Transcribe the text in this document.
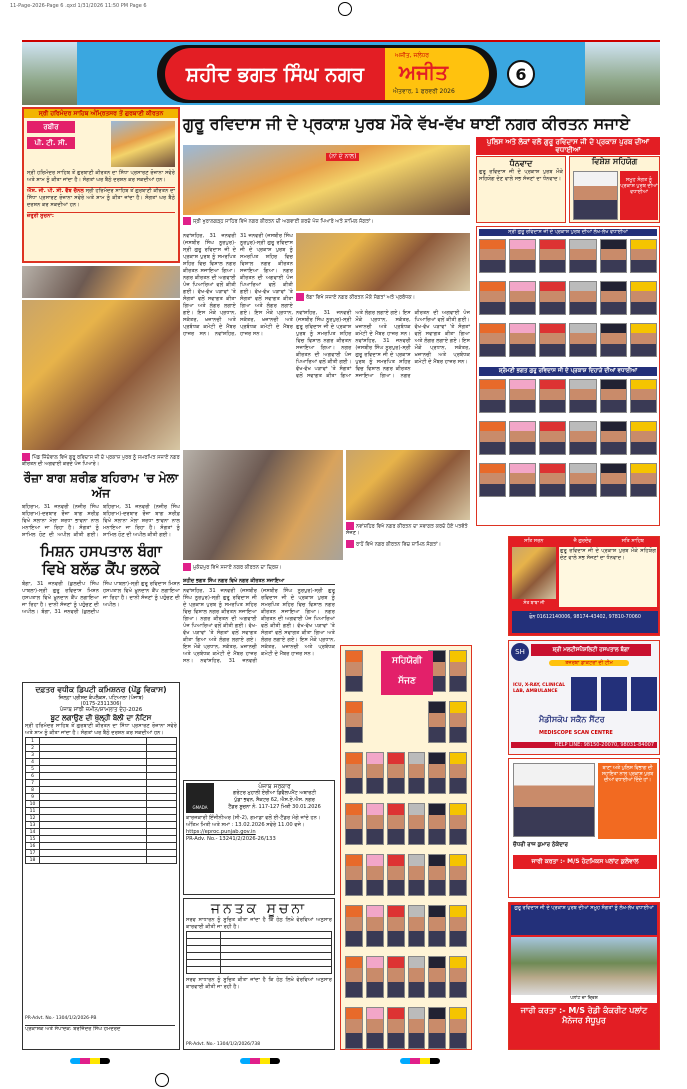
11-Page-2026-Page 6 .qxd 1/31/2026 11:50 PM Page 6
ਸ਼ਹੀਦ ਭਗਤ ਸਿੰਘ ਨਗਰ
ਅਜੀਤ, ਜਲੰਧਰ
ਅਜੀਤ
ਐਤਵਾਰ, 1 ਫਰਵਰੀ 2026
6
ਗੁਰੂ ਰਵਿਦਾਸ ਜੀ ਦੇ ਪ੍ਰਕਾਸ਼ ਪੁਰਬ ਮੌਕੇ ਵੱਖ-ਵੱਖ ਥਾਈਂ ਨਗਰ ਕੀਰਤਨ ਸਜਾਏ
ਸ੍ਰੀ ਹਰਿਮੰਦਰ ਸਾਹਿਬ ਅੰਮ੍ਰਿਤਸਰ ਤੋਂ ਗੁਰਬਾਣੀ ਕੀਰਤਨ
ਰਬੀਰ
ਪੀ. ਟੀ. ਸੀ.
ਸ੍ਰੀ ਹਰਿਮੰਦਰ ਸਾਹਿਬ ਤੋਂ ਗੁਰਬਾਣੀ ਕੀਰਤਨ ਦਾ ਸਿੱਧਾ ਪ੍ਰਸਾਰਣ ਰੋਜ਼ਾਨਾ ਸਵੇਰੇ ਅਤੇ ਸ਼ਾਮ ਨੂੰ ਕੀਤਾ ਜਾਂਦਾ ਹੈ। ਸੰਗਤਾਂ ਘਰ ਬੈਠੇ ਦਰਸ਼ਨ ਕਰ ਸਕਦੀਆਂ ਹਨ।
ਐਸ. ਜੀ. ਪੀ. ਸੀ. ਵੈੱਬ ਚੈਨਲ ਸ੍ਰੀ ਹਰਿਮੰਦਰ ਸਾਹਿਬ ਤੋਂ ਗੁਰਬਾਣੀ ਕੀਰਤਨ ਦਾ ਸਿੱਧਾ ਪ੍ਰਸਾਰਣ ਰੋਜ਼ਾਨਾ ਸਵੇਰੇ ਅਤੇ ਸ਼ਾਮ ਨੂੰ ਕੀਤਾ ਜਾਂਦਾ ਹੈ। ਸੰਗਤਾਂ ਘਰ ਬੈਠੇ ਦਰਸ਼ਨ ਕਰ ਸਕਦੀਆਂ ਹਨ।
ਜ਼ਰੂਰੀ ਸੂਚਨਾ:
ਪਿੰਡ ਜਿੰਦੋਵਾਲ ਵਿਖੇ ਗੁਰੂ ਰਵਿਦਾਸ ਜੀ ਦੇ ਪ੍ਰਕਾਸ਼ ਪੁਰਬ ਨੂੰ ਸਮਰਪਿਤ ਸਜਾਏ ਨਗਰ ਕੀਰਤਨ ਦੀ ਅਗਵਾਈ ਕਰਦੇ ਪੰਜ ਪਿਆਰੇ।
ਰੌਜ਼ਾ ਬਾਗ ਸ਼ਰੀਫ਼ ਬਹਿਰਾਮ 'ਚ ਮੇਲਾ ਅੱਜ
ਬਹਿਰਾਮ, 31 ਜਨਵਰੀ (ਨਜ਼ੀਰ ਸਿੰਘ ਬਹਿਰਾਮ)-ਦਰਬਾਰ ਰੌਜ਼ਾ ਬਾਗ ਸ਼ਰੀਫ਼ ਵਿਖੇ ਸਲਾਨਾ ਮੇਲਾ ਸ਼ਰਧਾ ਭਾਵਨਾ ਨਾਲ ਮਨਾਇਆ ਜਾ ਰਿਹਾ ਹੈ। ਸੰਗਤਾਂ ਨੂੰ ਸ਼ਾਮਿਲ ਹੋਣ ਦੀ ਅਪੀਲ ਕੀਤੀ ਗਈ। ਬਹਿਰਾਮ, 31 ਜਨਵਰੀ (ਨਜ਼ੀਰ ਸਿੰਘ ਬਹਿਰਾਮ)-ਦਰਬਾਰ ਰੌਜ਼ਾ ਬਾਗ ਸ਼ਰੀਫ਼ ਵਿਖੇ ਸਲਾਨਾ ਮੇਲਾ ਸ਼ਰਧਾ ਭਾਵਨਾ ਨਾਲ ਮਨਾਇਆ ਜਾ ਰਿਹਾ ਹੈ। ਸੰਗਤਾਂ ਨੂੰ ਸ਼ਾਮਿਲ ਹੋਣ ਦੀ ਅਪੀਲ ਕੀਤੀ ਗਈ।
ਮਿਸ਼ਨ ਹਸਪਤਾਲ ਬੰਗਾ
ਵਿਖੇ ਬਲੱਡ ਕੈਂਪ ਭਲਕੇ
ਬੰਗਾ, 31 ਜਨਵਰੀ (ਕੁਲਦੀਪ ਸਿੰਘ ਪਾਬਲਾ)-ਸ੍ਰੀ ਗੁਰੂ ਰਵਿਦਾਸ ਮਿਸ਼ਨ ਹਸਪਤਾਲ ਵਿਖੇ ਖ਼ੂਨਦਾਨ ਕੈਂਪ ਲਗਾਇਆ ਜਾ ਰਿਹਾ ਹੈ। ਦਾਨੀ ਸੱਜਣਾਂ ਨੂੰ ਪਹੁੰਚਣ ਦੀ ਅਪੀਲ। ਬੰਗਾ, 31 ਜਨਵਰੀ (ਕੁਲਦੀਪ ਸਿੰਘ ਪਾਬਲਾ)-ਸ੍ਰੀ ਗੁਰੂ ਰਵਿਦਾਸ ਮਿਸ਼ਨ ਹਸਪਤਾਲ ਵਿਖੇ ਖ਼ੂਨਦਾਨ ਕੈਂਪ ਲਗਾਇਆ ਜਾ ਰਿਹਾ ਹੈ। ਦਾਨੀ ਸੱਜਣਾਂ ਨੂੰ ਪਹੁੰਚਣ ਦੀ ਅਪੀਲ।
ਦਫ਼ਤਰ ਵਧੀਕ ਡਿਪਟੀ ਕਮਿਸ਼ਨਰ (ਪੇਂਡੂ ਵਿਕਾਸ)
ਜ਼ਿਲ੍ਹਾ ਪ੍ਰੀਸ਼ਦ ਕੰਪਲੈਕਸ, ਪਟਿਆਲਾ (ਪੰਜਾਬ)
(0175-2311306)
ਪੰਜਾਬ ਸਾਂਝੀ ਜ਼ਮੀਨ/ਸ਼ਾਮਲਾਤ ਦੇਹ-2026
ਬੂਟ ਲਗਾਉਣ ਦੀ ਖੁੱਲ੍ਹੀ ਬੋਲੀ ਦਾ ਨੋਟਿਸ
ਸ੍ਰੀ ਹਰਿਮੰਦਰ ਸਾਹਿਬ ਤੋਂ ਗੁਰਬਾਣੀ ਕੀਰਤਨ ਦਾ ਸਿੱਧਾ ਪ੍ਰਸਾਰਣ ਰੋਜ਼ਾਨਾ ਸਵੇਰੇ ਅਤੇ ਸ਼ਾਮ ਨੂੰ ਕੀਤਾ ਜਾਂਦਾ ਹੈ। ਸੰਗਤਾਂ ਘਰ ਬੈਠੇ ਦਰਸ਼ਨ ਕਰ ਸਕਦੀਆਂ ਹਨ।
1		
2		
3		
4		
5		
6		
7		
8		
9		
10		
11		
12		
13		
14		
15		
16		
17		
18		
PR-Advt. No.- 1304/1/2/2026-PB
ਪ੍ਰਕਾਸ਼ਕ ਅਤੇ ਸੰਪਾਦਕ: ਬਰਜਿੰਦਰ ਸਿੰਘ ਹਮਦਰਦ
(ਨਾਂ ਦੇ ਨਾਲ)
ਸ੍ਰੀ ਖੁਰਾਲਗੜ੍ਹ ਸਾਹਿਬ ਵਿਖੇ ਨਗਰ ਕੀਰਤਨ ਦੀ ਅਗਵਾਈ ਕਰਦੇ ਪੰਜ ਪਿਆਰੇ ਅਤੇ ਸ਼ਾਮਿਲ ਸੰਗਤਾਂ।
ਨਵਾਂਸ਼ਹਿਰ, 31 ਜਨਵਰੀ (ਜਸਬੀਰ ਸਿੰਘ ਨੂਰਪੁਰ)-ਸ੍ਰੀ ਗੁਰੂ ਰਵਿਦਾਸ ਜੀ ਦੇ ਪ੍ਰਕਾਸ਼ ਪੁਰਬ ਨੂੰ ਸਮਰਪਿਤ ਸ਼ਹਿਰ ਵਿਚ ਵਿਸ਼ਾਲ ਨਗਰ ਕੀਰਤਨ ਸਜਾਇਆ ਗਿਆ। ਨਗਰ ਕੀਰਤਨ ਦੀ ਅਗਵਾਈ ਪੰਜ ਪਿਆਰਿਆਂ ਵਲੋਂ ਕੀਤੀ ਗਈ। ਵੱਖ-ਵੱਖ ਪੜਾਵਾਂ 'ਤੇ ਸੰਗਤਾਂ ਵਲੋਂ ਸਵਾਗਤ ਕੀਤਾ ਗਿਆ ਅਤੇ ਲੰਗਰ ਲਗਾਏ ਗਏ। ਇਸ ਮੌਕੇ ਪ੍ਰਧਾਨ, ਸਕੱਤਰ, ਖ਼ਜ਼ਾਨਚੀ ਅਤੇ ਪ੍ਰਬੰਧਕ ਕਮੇਟੀ ਦੇ ਮੈਂਬਰ ਹਾਜ਼ਰ ਸਨ। ਨਵਾਂਸ਼ਹਿਰ, 31 ਜਨਵਰੀ (ਜਸਬੀਰ ਸਿੰਘ ਨੂਰਪੁਰ)-ਸ੍ਰੀ ਗੁਰੂ ਰਵਿਦਾਸ ਜੀ ਦੇ ਪ੍ਰਕਾਸ਼ ਪੁਰਬ ਨੂੰ ਸਮਰਪਿਤ ਸ਼ਹਿਰ ਵਿਚ ਵਿਸ਼ਾਲ ਨਗਰ ਕੀਰਤਨ ਸਜਾਇਆ ਗਿਆ। ਨਗਰ ਕੀਰਤਨ ਦੀ ਅਗਵਾਈ ਪੰਜ ਪਿਆਰਿਆਂ ਵਲੋਂ ਕੀਤੀ ਗਈ। ਵੱਖ-ਵੱਖ ਪੜਾਵਾਂ 'ਤੇ ਸੰਗਤਾਂ ਵਲੋਂ ਸਵਾਗਤ ਕੀਤਾ ਗਿਆ ਅਤੇ ਲੰਗਰ ਲਗਾਏ ਗਏ। ਇਸ ਮੌਕੇ ਪ੍ਰਧਾਨ, ਸਕੱਤਰ, ਖ਼ਜ਼ਾਨਚੀ ਅਤੇ ਪ੍ਰਬੰਧਕ ਕਮੇਟੀ ਦੇ ਮੈਂਬਰ ਹਾਜ਼ਰ ਸਨ।
ਬੰਗਾ ਵਿਖੇ ਸਜਾਏ ਨਗਰ ਕੀਰਤਨ ਮੌਕੇ ਸੰਗਤਾਂ ਅਤੇ ਪ੍ਰਬੰਧਕ।
ਨਵਾਂਸ਼ਹਿਰ, 31 ਜਨਵਰੀ (ਜਸਬੀਰ ਸਿੰਘ ਨੂਰਪੁਰ)-ਸ੍ਰੀ ਗੁਰੂ ਰਵਿਦਾਸ ਜੀ ਦੇ ਪ੍ਰਕਾਸ਼ ਪੁਰਬ ਨੂੰ ਸਮਰਪਿਤ ਸ਼ਹਿਰ ਵਿਚ ਵਿਸ਼ਾਲ ਨਗਰ ਕੀਰਤਨ ਸਜਾਇਆ ਗਿਆ। ਨਗਰ ਕੀਰਤਨ ਦੀ ਅਗਵਾਈ ਪੰਜ ਪਿਆਰਿਆਂ ਵਲੋਂ ਕੀਤੀ ਗਈ। ਵੱਖ-ਵੱਖ ਪੜਾਵਾਂ 'ਤੇ ਸੰਗਤਾਂ ਵਲੋਂ ਸਵਾਗਤ ਕੀਤਾ ਗਿਆ ਅਤੇ ਲੰਗਰ ਲਗਾਏ ਗਏ। ਇਸ ਮੌਕੇ ਪ੍ਰਧਾਨ, ਸਕੱਤਰ, ਖ਼ਜ਼ਾਨਚੀ ਅਤੇ ਪ੍ਰਬੰਧਕ ਕਮੇਟੀ ਦੇ ਮੈਂਬਰ ਹਾਜ਼ਰ ਸਨ। ਨਵਾਂਸ਼ਹਿਰ, 31 ਜਨਵਰੀ (ਜਸਬੀਰ ਸਿੰਘ ਨੂਰਪੁਰ)-ਸ੍ਰੀ ਗੁਰੂ ਰਵਿਦਾਸ ਜੀ ਦੇ ਪ੍ਰਕਾਸ਼ ਪੁਰਬ ਨੂੰ ਸਮਰਪਿਤ ਸ਼ਹਿਰ ਵਿਚ ਵਿਸ਼ਾਲ ਨਗਰ ਕੀਰਤਨ ਸਜਾਇਆ ਗਿਆ। ਨਗਰ ਕੀਰਤਨ ਦੀ ਅਗਵਾਈ ਪੰਜ ਪਿਆਰਿਆਂ ਵਲੋਂ ਕੀਤੀ ਗਈ। ਵੱਖ-ਵੱਖ ਪੜਾਵਾਂ 'ਤੇ ਸੰਗਤਾਂ ਵਲੋਂ ਸਵਾਗਤ ਕੀਤਾ ਗਿਆ ਅਤੇ ਲੰਗਰ ਲਗਾਏ ਗਏ। ਇਸ ਮੌਕੇ ਪ੍ਰਧਾਨ, ਸਕੱਤਰ, ਖ਼ਜ਼ਾਨਚੀ ਅਤੇ ਪ੍ਰਬੰਧਕ ਕਮੇਟੀ ਦੇ ਮੈਂਬਰ ਹਾਜ਼ਰ ਸਨ।
ਨਵਾਂਸ਼ਹਿਰ ਵਿਖੇ ਨਗਰ ਕੀਰਤਨ ਦਾ ਸਵਾਗਤ ਕਰਦੇ ਹੋਏ ਪਤਵੰਤੇ ਸੱਜਣ।
ਰਾਹੋਂ ਵਿਖੇ ਨਗਰ ਕੀਰਤਨ ਵਿਚ ਸ਼ਾਮਿਲ ਸੰਗਤਾਂ।
ਮੁਕੰਦਪੁਰ ਵਿਖੇ ਸਜਾਏ ਨਗਰ ਕੀਰਤਨ ਦਾ ਦ੍ਰਿਸ਼।
ਸ਼ਹੀਦ ਭਗਤ ਸਿੰਘ ਨਗਰ ਵਿਖੇ ਨਗਰ ਕੀਰਤਨ ਸਜਾਇਆ
ਨਵਾਂਸ਼ਹਿਰ, 31 ਜਨਵਰੀ (ਜਸਬੀਰ ਸਿੰਘ ਨੂਰਪੁਰ)-ਸ੍ਰੀ ਗੁਰੂ ਰਵਿਦਾਸ ਜੀ ਦੇ ਪ੍ਰਕਾਸ਼ ਪੁਰਬ ਨੂੰ ਸਮਰਪਿਤ ਸ਼ਹਿਰ ਵਿਚ ਵਿਸ਼ਾਲ ਨਗਰ ਕੀਰਤਨ ਸਜਾਇਆ ਗਿਆ। ਨਗਰ ਕੀਰਤਨ ਦੀ ਅਗਵਾਈ ਪੰਜ ਪਿਆਰਿਆਂ ਵਲੋਂ ਕੀਤੀ ਗਈ। ਵੱਖ-ਵੱਖ ਪੜਾਵਾਂ 'ਤੇ ਸੰਗਤਾਂ ਵਲੋਂ ਸਵਾਗਤ ਕੀਤਾ ਗਿਆ ਅਤੇ ਲੰਗਰ ਲਗਾਏ ਗਏ। ਇਸ ਮੌਕੇ ਪ੍ਰਧਾਨ, ਸਕੱਤਰ, ਖ਼ਜ਼ਾਨਚੀ ਅਤੇ ਪ੍ਰਬੰਧਕ ਕਮੇਟੀ ਦੇ ਮੈਂਬਰ ਹਾਜ਼ਰ ਸਨ। ਨਵਾਂਸ਼ਹਿਰ, 31 ਜਨਵਰੀ (ਜਸਬੀਰ ਸਿੰਘ ਨੂਰਪੁਰ)-ਸ੍ਰੀ ਗੁਰੂ ਰਵਿਦਾਸ ਜੀ ਦੇ ਪ੍ਰਕਾਸ਼ ਪੁਰਬ ਨੂੰ ਸਮਰਪਿਤ ਸ਼ਹਿਰ ਵਿਚ ਵਿਸ਼ਾਲ ਨਗਰ ਕੀਰਤਨ ਸਜਾਇਆ ਗਿਆ। ਨਗਰ ਕੀਰਤਨ ਦੀ ਅਗਵਾਈ ਪੰਜ ਪਿਆਰਿਆਂ ਵਲੋਂ ਕੀਤੀ ਗਈ। ਵੱਖ-ਵੱਖ ਪੜਾਵਾਂ 'ਤੇ ਸੰਗਤਾਂ ਵਲੋਂ ਸਵਾਗਤ ਕੀਤਾ ਗਿਆ ਅਤੇ ਲੰਗਰ ਲਗਾਏ ਗਏ। ਇਸ ਮੌਕੇ ਪ੍ਰਧਾਨ, ਸਕੱਤਰ, ਖ਼ਜ਼ਾਨਚੀ ਅਤੇ ਪ੍ਰਬੰਧਕ ਕਮੇਟੀ ਦੇ ਮੈਂਬਰ ਹਾਜ਼ਰ ਸਨ।
GMADA
ਪੰਜਾਬ ਸਰਕਾਰ
ਗਰੇਟਰ ਮੁਹਾਲੀ ਏਰੀਆ ਡਿਵੈਲਪਮੈਂਟ ਅਥਾਰਟੀ
ਪੁੱਡਾ ਭਵਨ, ਸੈਕਟਰ 62, ਐਸ.ਏ.ਐਸ. ਨਗਰ
ਟੈਂਡਰ ਸੂਚਨਾ ਨੰ. 117-127 ਮਿਤੀ 30.01.2026
ਕਾਰਜਕਾਰੀ ਇੰਜੀਨੀਅਰ (ਸੀ-2), ਗਮਾਡਾ ਵਲੋਂ ਈ-ਟੈਂਡਰ ਮੰਗੇ ਜਾਂਦੇ ਹਨ।
ਅੰਤਿਮ ਮਿਤੀ ਅਤੇ ਸਮਾਂ : 13.02.2026 ਸਵੇਰੇ 11.00 ਵਜੇ।
https://eproc.punjab.gov.in
PR-Adv. No.- 13241/2/2026-26/133
ਜਨਤਕ ਸੂਚਨਾ
ਸਰਵ ਸਾਧਾਰਨ ਨੂੰ ਸੂਚਿਤ ਕੀਤਾ ਜਾਂਦਾ ਹੈ ਕਿ ਹੇਠ ਲਿਖੇ ਵੇਰਵਿਆਂ ਅਨੁਸਾਰ ਕਾਰਵਾਈ ਕੀਤੀ ਜਾ ਰਹੀ ਹੈ।

ਸਰਵ ਸਾਧਾਰਨ ਨੂੰ ਸੂਚਿਤ ਕੀਤਾ ਜਾਂਦਾ ਹੈ ਕਿ ਹੇਠ ਲਿਖੇ ਵੇਰਵਿਆਂ ਅਨੁਸਾਰ ਕਾਰਵਾਈ ਕੀਤੀ ਜਾ ਰਹੀ ਹੈ।
PR-Advt. No.- 1304/1/2/2026/738
ਸਹਿਯੋਗੀ
ਸੱਜਣ
ਪੁਲਿਸ ਅਤੇ ਲੋਕਾਂ ਵਲੋਂ ਗੁਰੂ ਰਵਿਦਾਸ ਜੀ ਦੇ ਪ੍ਰਕਾਸ਼ ਪੁਰਬ ਦੀਆਂ ਵਧਾਈਆਂ
ਧੰਨਵਾਦ
ਗੁਰੂ ਰਵਿਦਾਸ ਜੀ ਦੇ ਪ੍ਰਕਾਸ਼ ਪੁਰਬ ਮੌਕੇ ਸਹਿਯੋਗ ਦੇਣ ਵਾਲੇ ਸਭ ਸੱਜਣਾਂ ਦਾ ਧੰਨਵਾਦ।
ਵਿਸ਼ੇਸ਼ ਸਹਿਯੋਗ
ਸਮੂਹ ਸੰਗਤ ਨੂੰ ਪ੍ਰਕਾਸ਼ ਪੁਰਬ ਦੀਆਂ ਵਧਾਈਆਂ
ਸ੍ਰੀ ਗੁਰੂ ਰਵਿਦਾਸ ਜੀ ਦੇ ਪ੍ਰਕਾਸ਼ ਪੁਰਬ ਦੀਆਂ ਲੱਖ-ਲੱਖ ਵਧਾਈਆਂ
ਸ਼੍ਰੋਮਣੀ ਭਗਤ ਗੁਰੂ ਰਵਿਦਾਸ ਜੀ ਦੇ ਪ੍ਰਕਾਸ਼ ਦਿਹਾੜੇ ਦੀਆਂ ਵਧਾਈਆਂ
ਸਤਿ ਸਰਨ	ਜੈ ਗੁਰਦੇਵ	ਸਤਿ ਸਾਹਿਬ
ਸੰਤ ਬਾਬਾ ਜੀ
ਗੁਰੂ ਰਵਿਦਾਸ ਜੀ ਦੇ ਪ੍ਰਕਾਸ਼ ਪੁਰਬ ਮੌਕੇ ਸਹਿਯੋਗ ਦੇਣ ਵਾਲੇ ਸਭ ਸੱਜਣਾਂ ਦਾ ਧੰਨਵਾਦ।
ਫੋਨ 01612140006, 98174-43402, 97810-70060
SH	ਸ਼੍ਰੀ ਮਲਟੀਸਪੈਸ਼ਲਿਟੀ ਹਸਪਤਾਲ ਬੰਗਾ
ਤਜਰਬਾ ਡਾਕਟਰਾਂ ਦੀ ਟੀਮ
ICU, X-RAY, CLINICAL LAB, AMBULANCE
ਮੈਡੀਸਕੋਪ ਸਕੈਨ ਸੈਂਟਰ
MEDISCOPE SCAN CENTRE
HELP LINE: 98150-20070, 98031-84007
ਥਾਣਾ ਅਤੇ ਪੁਲਿਸ ਵਿਭਾਗ ਦੀ ਸਹਾਇਤਾ ਨਾਲ ਪ੍ਰਕਾਸ਼ ਪੁਰਬ ਦੀਆਂ ਵਧਾਈਆਂ ਦਿੰਦੇ ਹਾਂ।
ਚੌਧਰੀ ਰਾਜ ਕੁਮਾਰ ਠੇਕੇਦਾਰ
ਜਾਰੀ ਕਰਤਾ :- M/S ਹੋਟਮਿਕਸ ਪਲਾਂਟ ਕੁਲੇਵਾਲ
ਗੁਰੂ ਰਵਿਦਾਸ ਜੀ ਦੇ ਪ੍ਰਕਾਸ਼ ਪੁਰਬ ਦੀਆਂ ਸਮੂਹ ਸੰਗਤਾਂ ਨੂੰ ਲੱਖ-ਲੱਖ ਵਧਾਈਆਂ
ਪਲਾਂਟ ਦਾ ਦ੍ਰਿਸ਼
ਜਾਰੀ ਕਰਤਾ :- M/S ਰੇਡੀ ਕੰਕਰੀਟ ਪਲਾਂਟ ਮੈਨੇਜਰ ਸੰਧੂਪੁਰ
